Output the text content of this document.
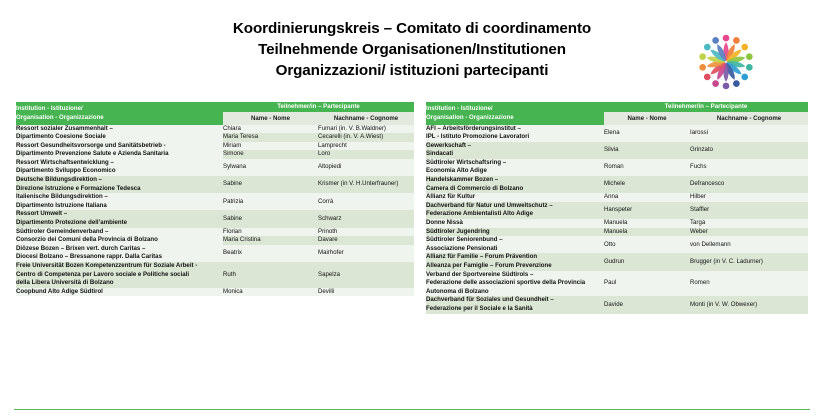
Koordinierungskreis – Comitato di coordinamento
Teilnehmende Organisationen/Institutionen
Organizzazioni/ istituzioni partecipanti
Institution - Istituzione/
Organisation - Organizzazione	Teilnehmer/in – Partecipante	
	Name - Nome	Nachname - Cognome

Ressort sozialer Zusammenhalt –
Dipartimento Coesione Sociale	Chiara	Fumari (in. V. B.Waldner)
	Maria Teresa	Cecarelli (in. V. A.Wiest)

Ressort Gesundheitsvorsorge und Sanitätsbetrieb -
Dipartimento Prevenzione Salute e Azienda Sanitaria	Miriam	Lamprecht
	Simone	Loro

Ressort Wirtschaftsentwicklung –
Dipartimento Sviluppo Economico	Sylwana	Altopiedi

Deutsche Bildungsdirektion –
Direzione Istruzione e Formazione Tedesca	Sabine	Krismer (in V. H.Unterfrauner)

Italienische Bildungsdirektion –
Dipartimento Istruzione Italiana	Patrizia	Corrà

Ressort Umwelt –
Dipartimento Protezione dell’ambiente	Sabine	Schwarz

Südtiroler Gemeindenverband –
Consorzio dei Comuni della Provincia di Bolzano	Florian	Prinoth
	Maria Cristina	Davare

Diözese Bozen – Brixen vert. durch Caritas –
Diocesi Bolzano – Bressanone rappr. Dalla Caritas	Beatrix	Mairhofer

Freie Universität Bozen Kompetenzzentrum für Soziale Arbeit -
Centro di Competenza per Lavoro sociale e Politiche sociali
della Libera Università di Bolzano	Ruth	Sapelza

Coopbund Alto Adige Südtirol	Monica	Devilli
Institution - Istituzione/
Organisation - Organizzazione	Teilnehmer/in – Partecipante	
	Name - Nome	Nachname - Cognome

AFI – Arbeitsförderungsinstitut –
IPL - Istituto Promozione Lavoratori	Elena	Iarossi

Gewerkschaft –
Sindacati	Silvia	Grinzato

Südtiroler Wirtschaftsring –
Economia Alto Adige	Roman	Fuchs

Handelskammer Bozen –
Camera di Commercio di Bolzano	Michele	Defrancesco

Allianz für Kultur	Anna	Hilber

Dachverband für Natur und Umweltschutz –
Federazione Ambientalisti Alto Adige	Hanspeter	Staffler

Donne Nissà	Manuela	Targa

Südtiroler Jugendring	Manuela	Weber

Südtiroler Seniorenbund –
Associazione Pensionati	Otto	von Dellemann

Allianz für Familie – Forum Prävention
Alleanza per Famiglie – Forum Prevenzione	Gudrun	Brugger (in V. C. Ladurner)

Verband der Sportvereine Südtirols –
Federazione delle associazioni sportive della Provincia
Autonoma di Bolzano	Paul	Romen

Dachverband für Soziales und Gesundheit –
Federazione per il Sociale e la Sanità	Davide	Monti (in V. W. Obwexer)
